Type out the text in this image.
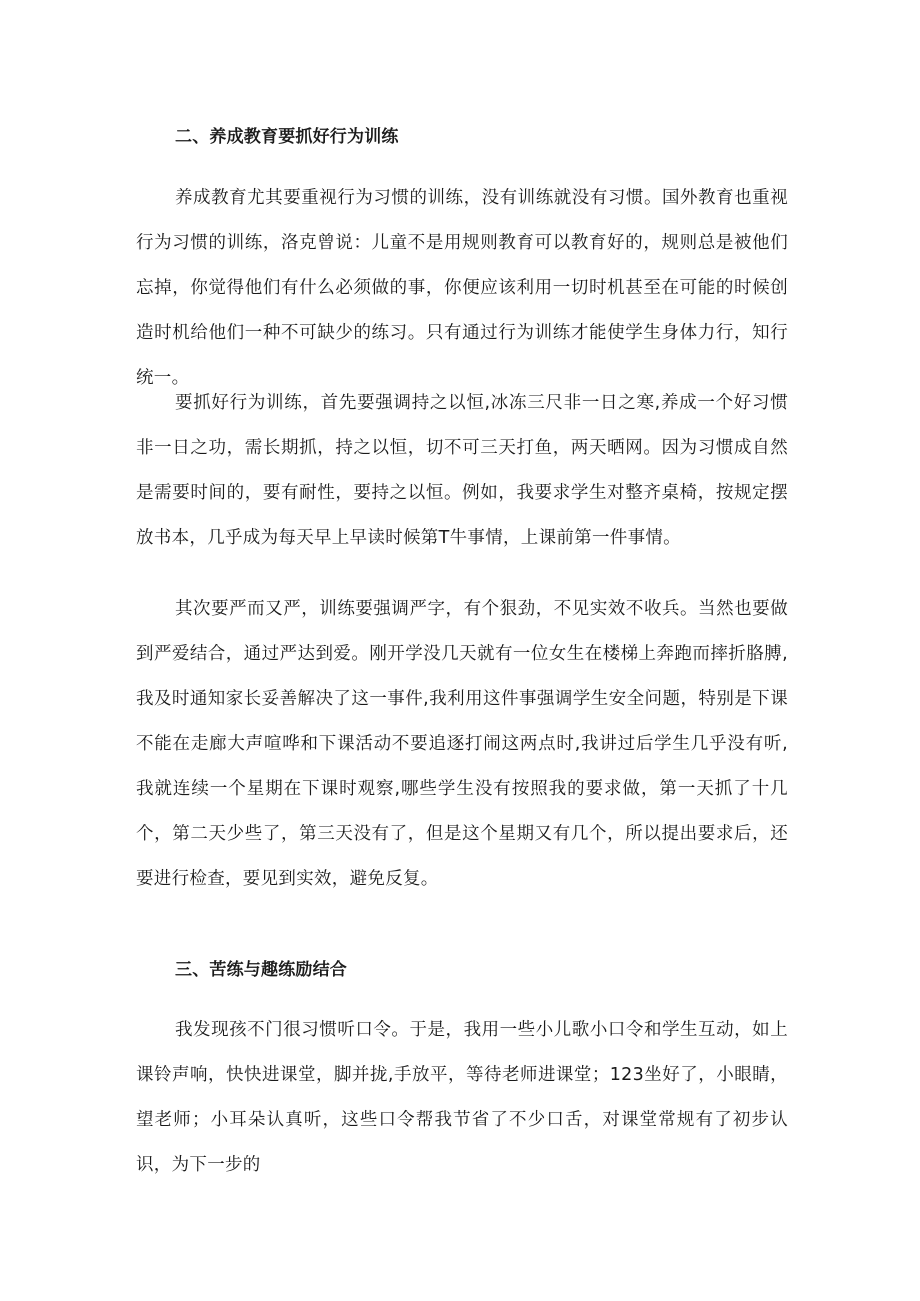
二、养成教育要抓好行为训练
养成教育尤其要重视行为习惯的训练，没有训练就没有习惯。国外教育也重视行为习惯的训练，洛克曾说：儿童不是用规则教育可以教育好的，规则总是被他们忘掉，你觉得他们有什么必须做的事，你便应该利用一切时机甚至在可能的时候创造时机给他们一种不可缺少的练习。只有通过行为训练才能使学生身体力行，知行统一。
要抓好行为训练，首先要强调持之以恒,冰冻三尺非一日之寒,养成一个好习惯非一日之功，需长期抓，持之以恒，切不可三天打鱼，两天晒网。因为习惯成自然是需要时间的，要有耐性，要持之以恒。例如，我要求学生对整齐桌椅，按规定摆放书本，几乎成为每天早上早读时候第T牛事情，上课前第一件事情。
其次要严而又严，训练要强调严字，有个狠劲，不见实效不收兵。当然也要做到严爱结合，通过严达到爱。刚开学没几天就有一位女生在楼梯上奔跑而摔折胳膊,我及时通知家长妥善解决了这一事件,我利用这件事强调学生安全问题，特别是下课不能在走廊大声喧哗和下课活动不要追逐打闹这两点时,我讲过后学生几乎没有听,我就连续一个星期在下课时观察,哪些学生没有按照我的要求做，第一天抓了十几个，第二天少些了，第三天没有了，但是这个星期又有几个，所以提出要求后，还要进行检查，要见到实效，避免反复。
三、苦练与趣练励结合
我发现孩不门很习惯听口令。于是，我用一些小儿歌小口令和学生互动，如上课铃声响，快快进课堂，脚并拢,手放平，等待老师进课堂；123坐好了，小眼睛，望老师；小耳朵认真听，这些口令帮我节省了不少口舌，对课堂常规有了初步认识，为下一步的
